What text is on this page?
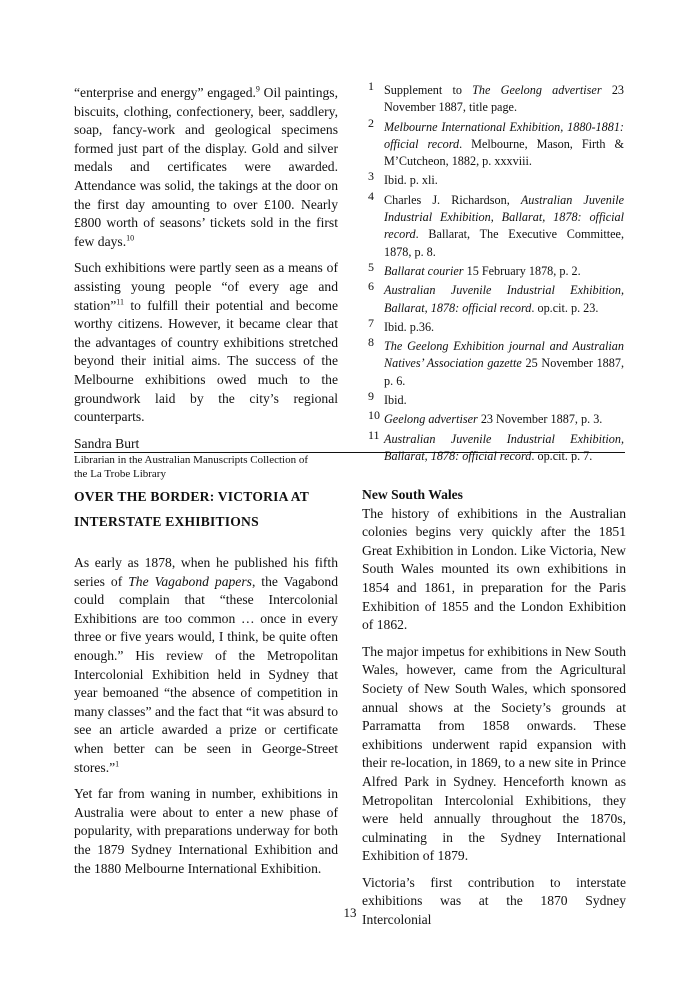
“enterprise and energy” engaged.$^9$ Oil paintings, biscuits, clothing, confectionery, beer, saddlery, soap, fancy-work and geological specimens formed just part of the display. Gold and silver medals and certificates were awarded. Attendance was solid, the takings at the door on the first day amounting to over £100. Nearly £800 worth of seasons’ tickets sold in the first few days.$^{10}$

Such exhibitions were partly seen as a means of assisting young people “of every age and station”$^{11}$ to fulfill their potential and become worthy citizens. However, it became clear that the advantages of country exhibitions stretched beyond their initial aims. The success of the Melbourne exhibitions owed much to the groundwork laid by the city’s regional counterparts.

Sandra Burt

Librarian in the Australian Manuscripts Collection of the La Trobe Library

1 Supplement to The Geelong advertiser 23 November 1887, title page.
2 Melbourne International Exhibition, 1880-1881: official record. Melbourne, Mason, Firth & M’Cutcheon, 1882, p. xxxviii.
3 Ibid. p. xli.
4 Charles J. Richardson, Australian Juvenile Industrial Exhibition, Ballarat, 1878: official record. Ballarat, The Executive Committee, 1878, p. 8.
5 Ballarat courier 15 February 1878, p. 2.
6 Australian Juvenile Industrial Exhibition, Ballarat, 1878: official record. op.cit. p. 23.
7 Ibid. p.36.
8 The Geelong Exhibition journal and Australian Natives’ Association gazette 25 November 1887, p. 6.
9 Ibid.
10 Geelong advertiser 23 November 1887, p. 3.
11 Australian Juvenile Industrial Exhibition, Ballarat, 1878: official record. op.cit. p. 7.
OVER THE BORDER: VICTORIA AT INTERSTATE EXHIBITIONS

As early as 1878, when he published his fifth series of The Vagabond papers, the Vagabond could complain that “these Intercolonial Exhibitions are too common … once in every three or five years would, I think, be quite often enough.” His review of the Metropolitan Intercolonial Exhibition held in Sydney that year bemoaned “the absence of competition in many classes” and the fact that “it was absurd to see an article awarded a prize or certificate when better can be seen in George-Street stores.”$^1$

Yet far from waning in number, exhibitions in Australia were about to enter a new phase of popularity, with preparations underway for both the 1879 Sydney International Exhibition and the 1880 Melbourne International Exhibition.

New South Wales

The history of exhibitions in the Australian colonies begins very quickly after the 1851 Great Exhibition in London. Like Victoria, New South Wales mounted its own exhibitions in 1854 and 1861, in preparation for the Paris Exhibition of 1855 and the London Exhibition of 1862.

The major impetus for exhibitions in New South Wales, however, came from the Agricultural Society of New South Wales, which sponsored annual shows at the Society’s grounds at Parramatta from 1858 onwards. These exhibitions underwent rapid expansion with their re-location, in 1869, to a new site in Prince Alfred Park in Sydney. Henceforth known as Metropolitan Intercolonial Exhibitions, they were held annually throughout the 1870s, culminating in the Sydney International Exhibition of 1879.

Victoria’s first contribution to interstate exhibitions was at the 1870 Sydney Intercolonial

13
